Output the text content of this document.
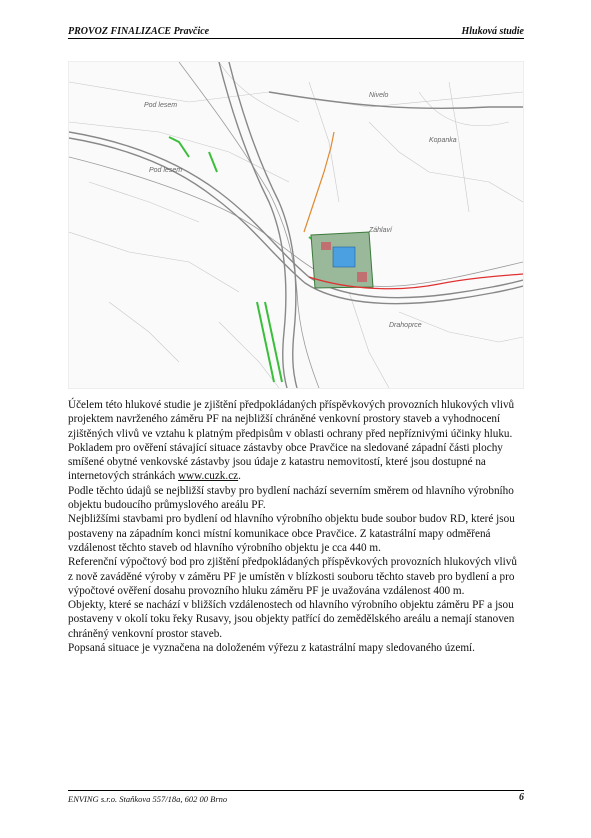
PROVOZ FINALIZACE Pravčice	Hluková studie
Pod lesem
Pod lesem
Nivelo
Kopanka
Záhlaví
Drahoprce

Účelem této hlukové studie je zjištění předpokládaných příspěvkových provozních hlukových vlivů projektem navrženého záměru PF na nejbližší chráněné venkovní prostory staveb a vyhodnocení zjištěných vlivů ve vztahu k platným předpisům v oblasti ochrany před nepříznivými účinky hluku.

Pokladem pro ověření stávající situace zástavby obce Pravčice na sledované západní části plochy smíšené obytné venkovské zástavby jsou údaje z katastru nemovitostí, které jsou dostupné na internetových stránkách www.cuzk.cz.

Podle těchto údajů se nejbližší stavby pro bydlení nachází severním směrem od hlavního výrobního objektu budoucího průmyslového areálu PF.

Nejbližšími stavbami pro bydlení od hlavního výrobního objektu bude soubor budov RD, které jsou postaveny na západním konci místní komunikace obce Pravčice. Z katastrální mapy odměřená vzdálenost těchto staveb od hlavního výrobního objektu je cca 440 m.

Referenční výpočtový bod pro zjištění předpokládaných příspěvkových provozních hlukových vlivů z nově zaváděné výroby v záměru PF je umístěn v blízkosti souboru těchto staveb pro bydlení a pro výpočtové ověření dosahu provozního hluku záměru PF je uvažována vzdálenost 400 m.

Objekty, které se nachází v bližších vzdálenostech od hlavního výrobního objektu záměru PF a jsou postaveny v okolí toku řeky Rusavy, jsou objekty patřící do zemědělského areálu a nemají stanoven chráněný venkovní prostor staveb.

Popsaná situace je vyznačena na doloženém výřezu z katastrální mapy sledovaného území.

ENVING s.r.o. Staňkova 557/18a, 602 00 Brno	6
